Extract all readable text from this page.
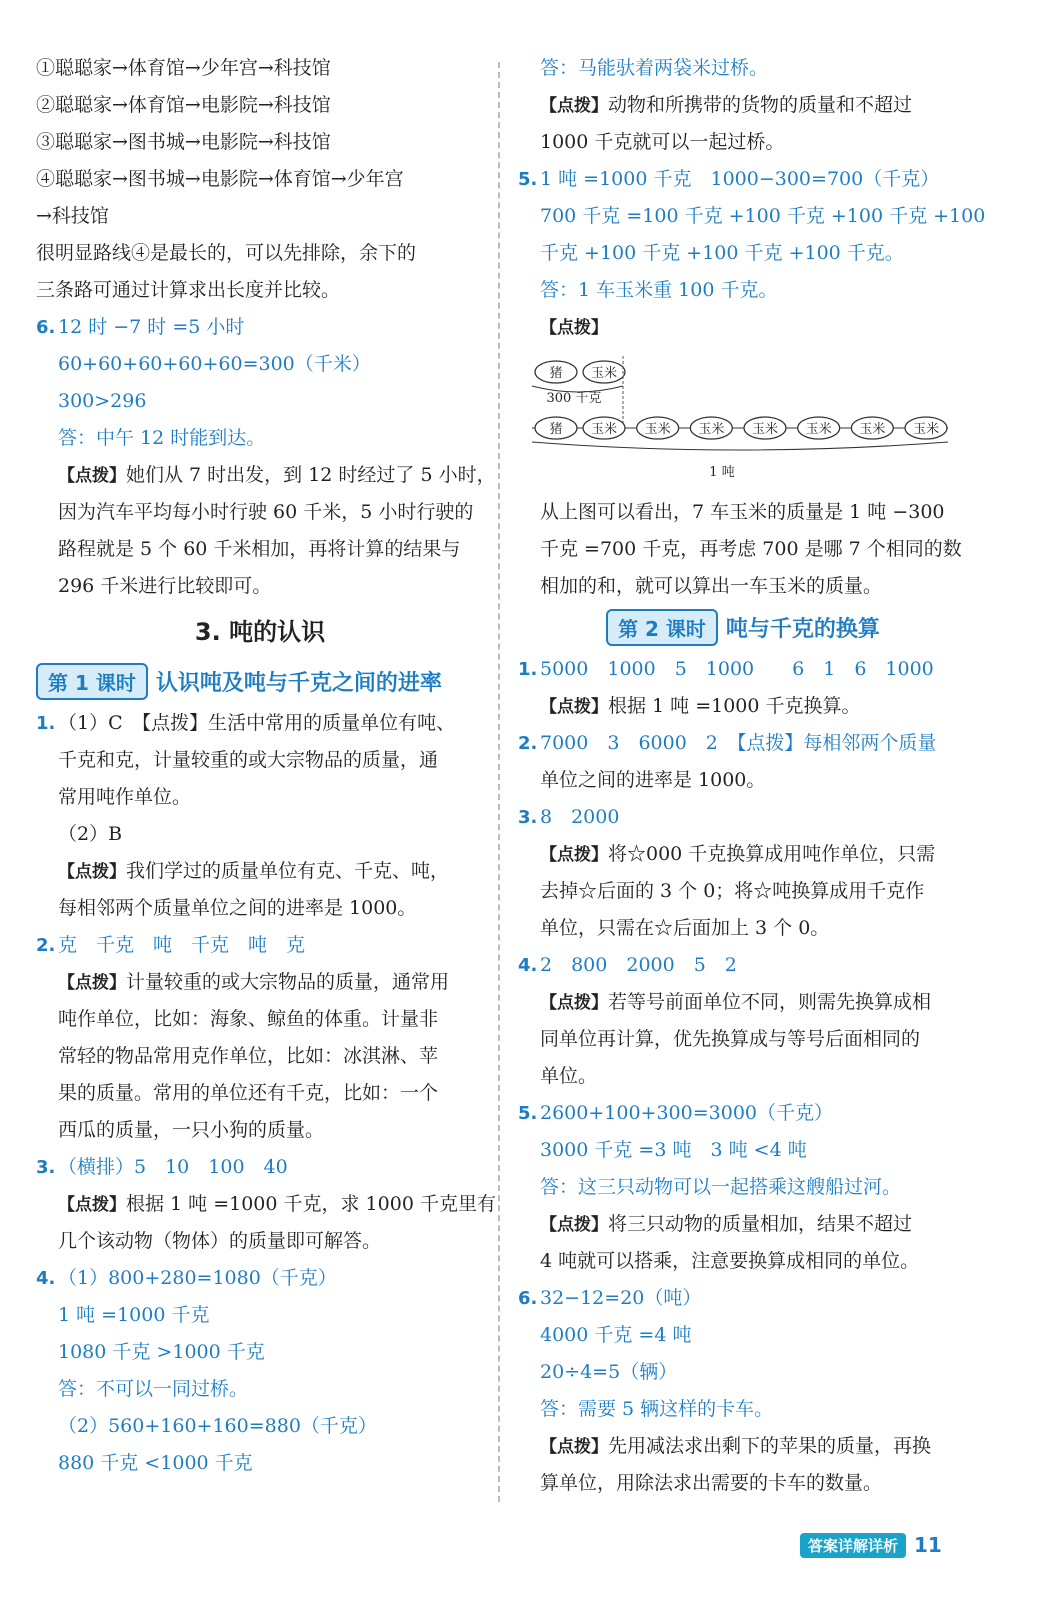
①聪聪家→体育馆→少年宫→科技馆
②聪聪家→体育馆→电影院→科技馆
③聪聪家→图书城→电影院→科技馆
④聪聪家→图书城→电影院→体育馆→少年宫
→科技馆
很明显路线④是最长的，可以先排除，余下的
三条路可通过计算求出长度并比较。
6. 12 时 −7 时 =5 小时
60+60+60+60+60=300（千米）
300>296
答：中午 12 时能到达。
【点拨】她们从 7 时出发，到 12 时经过了 5 小时，
因为汽车平均每小时行驶 60 千米，5 小时行驶的
路程就是 5 个 60 千米相加，再将计算的结果与
296 千米进行比较即可。
3. 吨的认识
第 1 课时 认识吨及吨与千克之间的进率
1. （1）C　【点拨】生活中常用的质量单位有吨、
千克和克，计量较重的或大宗物品的质量，通
常用吨作单位。
（2）B
【点拨】我们学过的质量单位有克、千克、吨，
每相邻两个质量单位之间的进率是 1000。
2. 克　千克　吨　千克　吨　克
【点拨】计量较重的或大宗物品的质量，通常用
吨作单位，比如：海象、鲸鱼的体重。计量非
常轻的物品常用克作单位，比如：冰淇淋、苹
果的质量。常用的单位还有千克，比如：一个
西瓜的质量，一只小狗的质量。
3. （横排）5　10　100　40
【点拨】根据 1 吨 =1000 千克，求 1000 千克里有
几个该动物（物体）的质量即可解答。
4. （1）800+280=1080（千克）
1 吨 =1000 千克
1080 千克 >1000 千克
答：不可以一同过桥。
（2）560+160+160=880（千克）
880 千克 <1000 千克
答：马能驮着两袋米过桥。
【点拨】动物和所携带的货物的质量和不超过
1000 千克就可以一起过桥。
5. 1 吨 =1000 千克　1000−300=700（千克）
700 千克 =100 千克 +100 千克 +100 千克 +100
千克 +100 千克 +100 千克 +100 千克。
答：1 车玉米重 100 千克。
【点拨】
猪 玉米
300 千克
猪 玉米 玉米 玉米 玉米 玉米 玉米 玉米
1 吨
从上图可以看出，7 车玉米的质量是 1 吨 −300
千克 =700 千克，再考虑 700 是哪 7 个相同的数
相加的和，就可以算出一车玉米的质量。
第 2 课时 吨与千克的换算
1. 5000　1000　5　1000　　6　1　6　1000
【点拨】根据 1 吨 =1000 千克换算。
2. 7000　3　6000　2　【点拨】每相邻两个质量
单位之间的进率是 1000。
3. 8　2000
【点拨】将☆000 千克换算成用吨作单位，只需
去掉☆后面的 3 个 0；将☆吨换算成用千克作
单位，只需在☆后面加上 3 个 0。
4. 2　800　2000　5　2
【点拨】若等号前面单位不同，则需先换算成相
同单位再计算，优先换算成与等号后面相同的
单位。
5. 2600+100+300=3000（千克）
3000 千克 =3 吨　3 吨 <4 吨
答：这三只动物可以一起搭乘这艘船过河。
【点拨】将三只动物的质量相加，结果不超过
4 吨就可以搭乘，注意要换算成相同的单位。
6. 32−12=20（吨）
4000 千克 =4 吨
20÷4=5（辆）
答：需要 5 辆这样的卡车。
【点拨】先用减法求出剩下的苹果的质量，再换
算单位，用除法求出需要的卡车的数量。
答案详解详析 11
